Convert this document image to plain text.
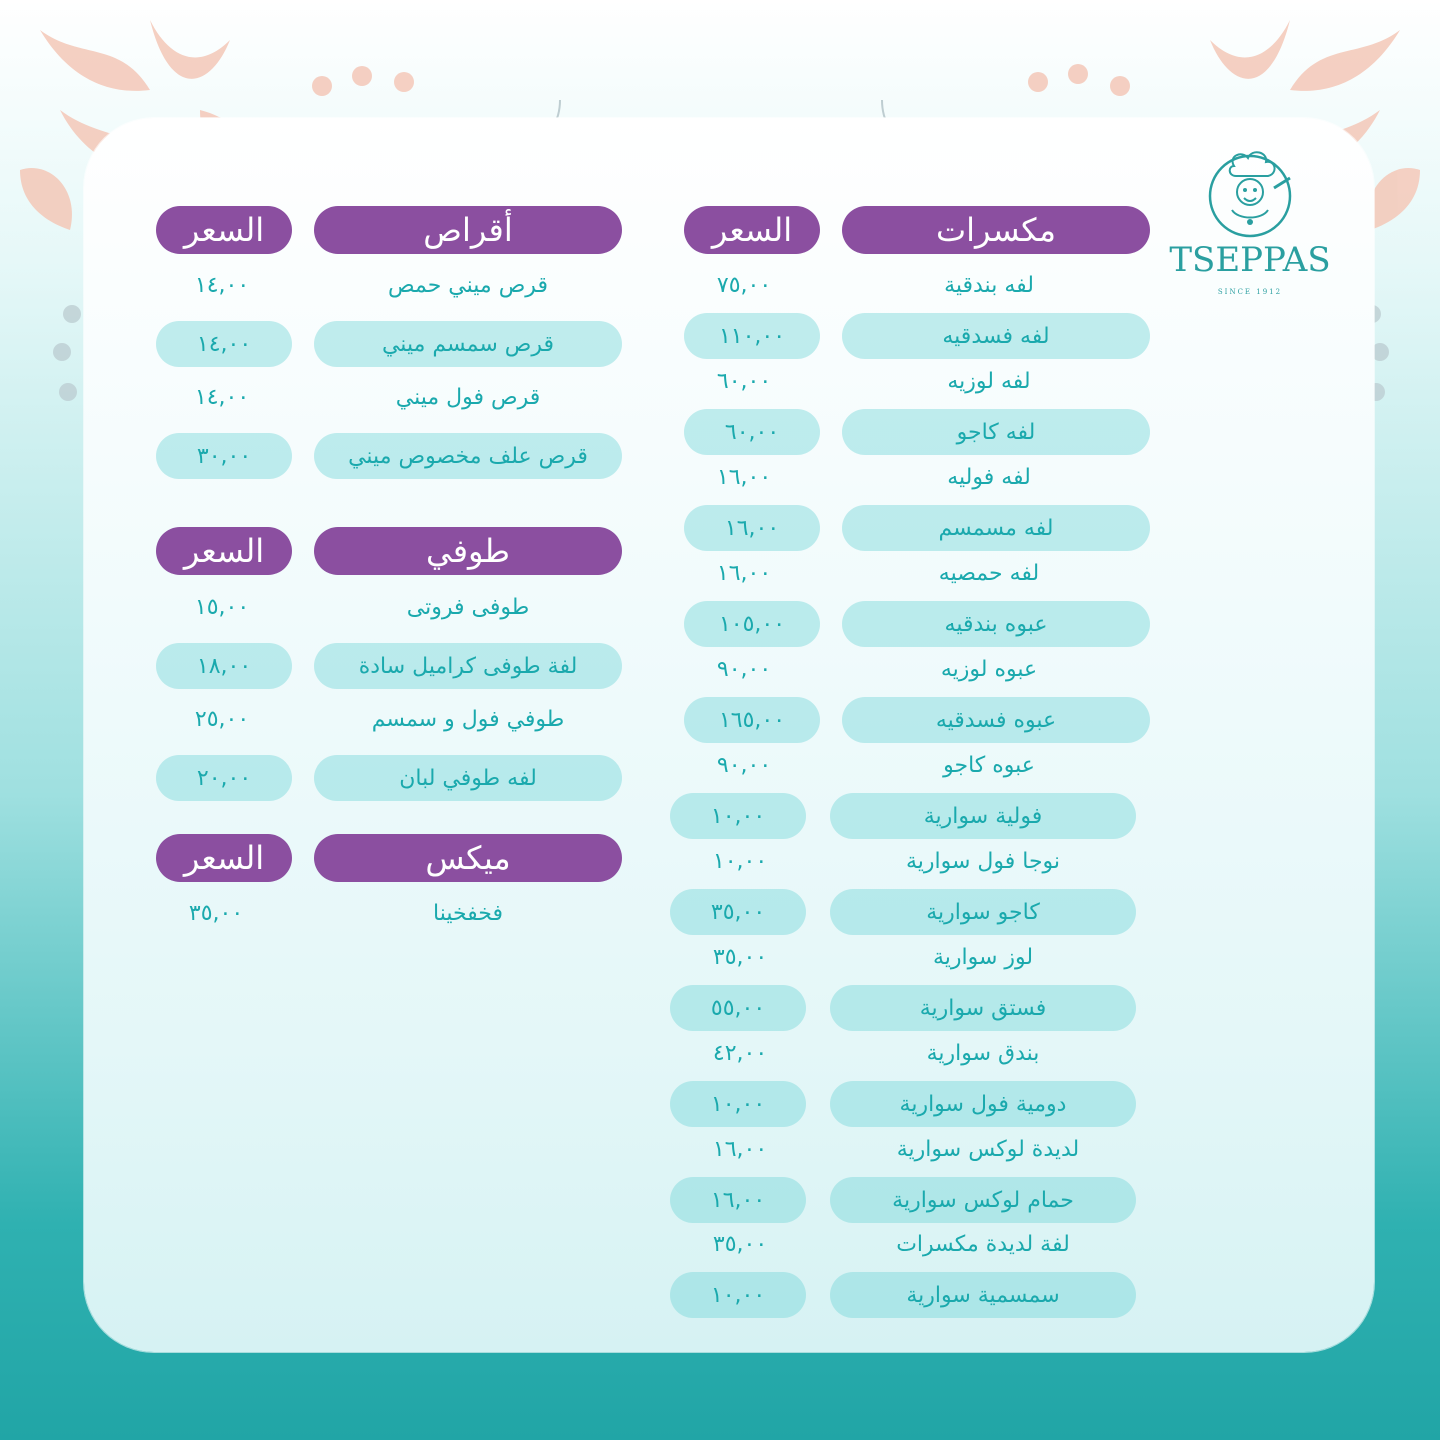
TSEPPAS
SINCE 1912
مكسرات
السعر
لفه بندقية
٧٥,٠٠
لفه فسدقيه
١١٠,٠٠
لفه لوزيه
٦٠,٠٠
لفه كاجو
٦٠,٠٠
لفه فوليه
١٦,٠٠
لفه مسمسم
١٦,٠٠
لفه حمصيه
١٦,٠٠
عبوه بندقيه
١٠٥,٠٠
عبوه لوزيه
٩٠,٠٠
عبوه فسدقيه
١٦٥,٠٠
عبوه كاجو
٩٠,٠٠
فولية سوارية
١٠,٠٠
نوجا فول سوارية
١٠,٠٠
كاجو سوارية
٣٥,٠٠
لوز سوارية
٣٥,٠٠
فستق سوارية
٥٥,٠٠
بندق سوارية
٤٢,٠٠
دومية فول سوارية
١٠,٠٠
لديدة لوكس سوارية
١٦,٠٠
حمام لوكس سوارية
١٦,٠٠
لفة لديدة مكسرات
٣٥,٠٠
سمسمية سوارية
١٠,٠٠
أقراص
السعر
قرص ميني حمص
١٤,٠٠
قرص سمسم ميني
١٤,٠٠
قرص فول ميني
١٤,٠٠
قرص علف مخصوص ميني
٣٠,٠٠
طوفي
السعر
طوفى فروتى
١٥,٠٠
لفة طوفى كراميل سادة
١٨,٠٠
طوفي فول و سمسم
٢٥,٠٠
لفه طوفي لبان
٢٠,٠٠
ميكس
السعر
فخفخينا
٣٥,٠٠
